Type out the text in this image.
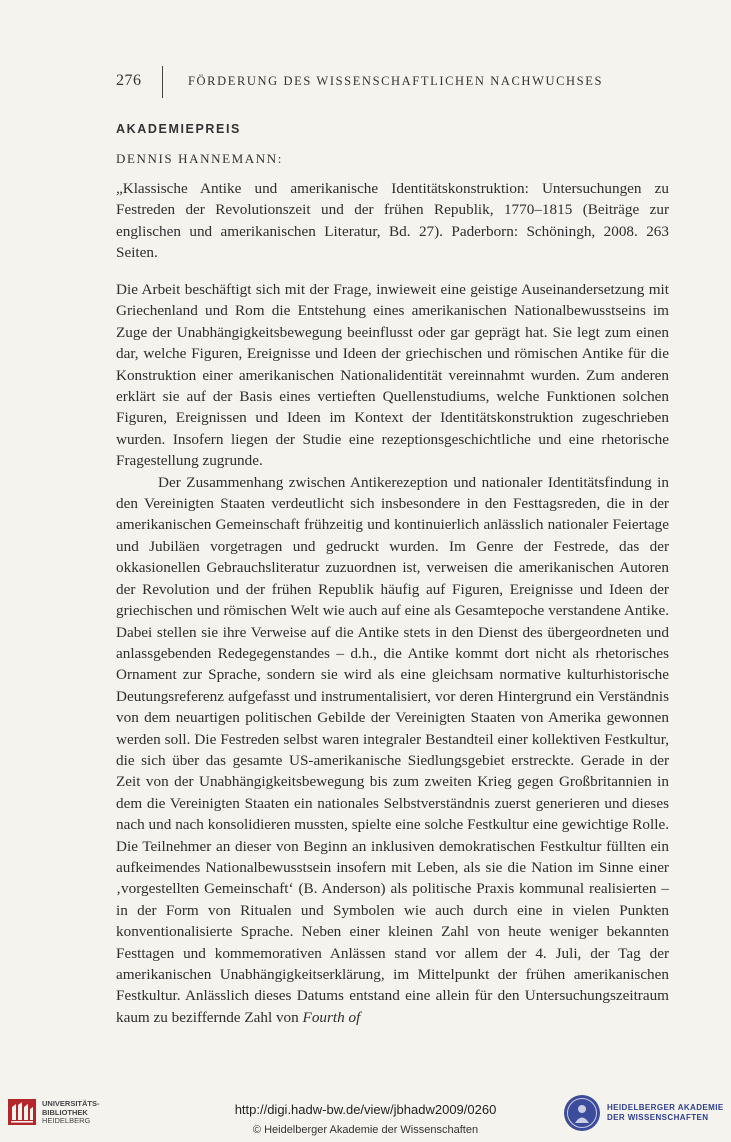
276	FÖRDERUNG DES WISSENSCHAFTLICHEN NACHWUCHSES
AKADEMIEPREIS
DENNIS HANNEMANN:
„Klassische Antike und amerikanische Identitätskonstruktion: Untersuchungen zu Festreden der Revolutionszeit und der frühen Republik, 1770–1815 (Beiträge zur englischen und amerikanischen Literatur, Bd. 27). Paderborn: Schöningh, 2008. 263 Seiten.

Die Arbeit beschäftigt sich mit der Frage, inwieweit eine geistige Auseinandersetzung mit Griechenland und Rom die Entstehung eines amerikanischen Nationalbewusstseins im Zuge der Unabhängigkeitsbewegung beeinflusst oder gar geprägt hat. Sie legt zum einen dar, welche Figuren, Ereignisse und Ideen der griechischen und römischen Antike für die Konstruktion einer amerikanischen Nationalidentität vereinnahmt wurden. Zum anderen erklärt sie auf der Basis eines vertieften Quellenstudiums, welche Funktionen solchen Figuren, Ereignissen und Ideen im Kontext der Identitätskonstruktion zugeschrieben wurden. Insofern liegen der Studie eine rezeptionsgeschichtliche und eine rhetorische Fragestellung zugrunde.

Der Zusammenhang zwischen Antikerezeption und nationaler Identitätsfindung in den Vereinigten Staaten verdeutlicht sich insbesondere in den Festtagsreden, die in der amerikanischen Gemeinschaft frühzeitig und kontinuierlich anlässlich nationaler Feiertage und Jubiläen vorgetragen und gedruckt wurden. Im Genre der Festrede, das der okkasionellen Gebrauchsliteratur zuzuordnen ist, verweisen die amerikanischen Autoren der Revolution und der frühen Republik häufig auf Figuren, Ereignisse und Ideen der griechischen und römischen Welt wie auch auf eine als Gesamtepoche verstandene Antike. Dabei stellen sie ihre Verweise auf die Antike stets in den Dienst des übergeordneten und anlassgebenden Redegegenstandes – d.h., die Antike kommt dort nicht als rhetorisches Ornament zur Sprache, sondern sie wird als eine gleichsam normative kulturhistorische Deutungsreferenz aufgefasst und instrumentalisiert, vor deren Hintergrund ein Verständnis von dem neuartigen politischen Gebilde der Vereinigten Staaten von Amerika gewonnen werden soll. Die Festreden selbst waren integraler Bestandteil einer kollektiven Festkultur, die sich über das gesamte US-amerikanische Siedlungsgebiet erstreckte. Gerade in der Zeit von der Unabhängigkeitsbewegung bis zum zweiten Krieg gegen Großbritannien in dem die Vereinigten Staaten ein nationales Selbstverständnis zuerst generieren und dieses nach und nach konsolidieren mussten, spielte eine solche Festkultur eine gewichtige Rolle. Die Teilnehmer an dieser von Beginn an inklusiven demokratischen Festkultur füllten ein aufkeimendes Nationalbewusstsein insofern mit Leben, als sie die Nation im Sinne einer ‚vorgestellten Gemeinschaft‘ (B. Anderson) als politische Praxis kommunal realisierten – in der Form von Ritualen und Symbolen wie auch durch eine in vielen Punkten konventionalisierte Sprache. Neben einer kleinen Zahl von heute weniger bekannten Festtagen und kommemorativen Anlässen stand vor allem der 4. Juli, der Tag der amerikanischen Unabhängigkeitserklärung, im Mittelpunkt der frühen amerikanischen Festkultur. Anlässlich dieses Datums entstand eine allein für den Untersuchungszeitraum kaum zu beziffernde Zahl von Fourth of

UNIVERSITÄTS-
BIBLIOTHEK
HEIDELBERG
http://digi.hadw-bw.de/view/jbhadw2009/0260
© Heidelberger Akademie der Wissenschaften
HEIDELBERGER AKADEMIE
DER WISSENSCHAFTEN
